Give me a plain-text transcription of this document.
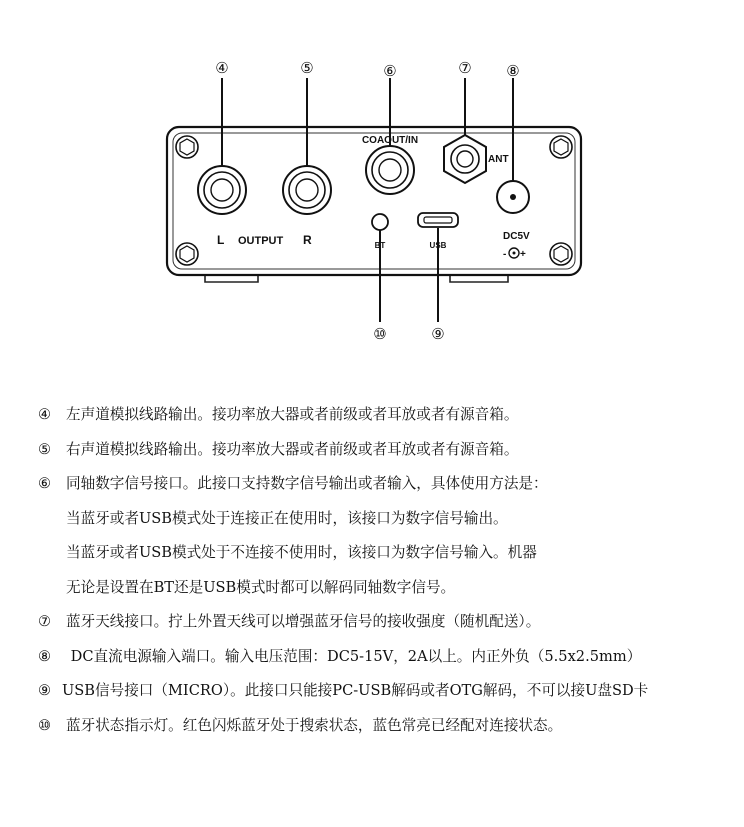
COAOUT/IN
ANT
DC5V
- +
L OUTPUT R	BT	USB
④	⑤	⑥	⑦ ⑧
⑩	⑨
④	左声道模拟线路输出。接功率放大器或者前级或者耳放或者有源音箱。
⑤	右声道模拟线路输出。接功率放大器或者前级或者耳放或者有源音箱。
⑥	同轴数字信号接口。此接口支持数字信号输出或者输入，具体使用方法是：
当蓝牙或者USB模式处于连接正在使用时，该接口为数字信号输出。
当蓝牙或者USB模式处于不连接不使用时，该接口为数字信号输入。机器
无论是设置在BT还是USB模式时都可以解码同轴数字信号。
⑦	蓝牙天线接口。拧上外置天线可以增强蓝牙信号的接收强度（随机配送）。
⑧	DC直流电源输入端口。输入电压范围：DC5-15V，2A以上。内正外负（5.5x2.5mm）
⑨ USB信号接口（MICRO）。此接口只能接PC-USB解码或者OTG解码，不可以接U盘SD卡
⑩	蓝牙状态指示灯。红色闪烁蓝牙处于搜索状态，蓝色常亮已经配对连接状态。
